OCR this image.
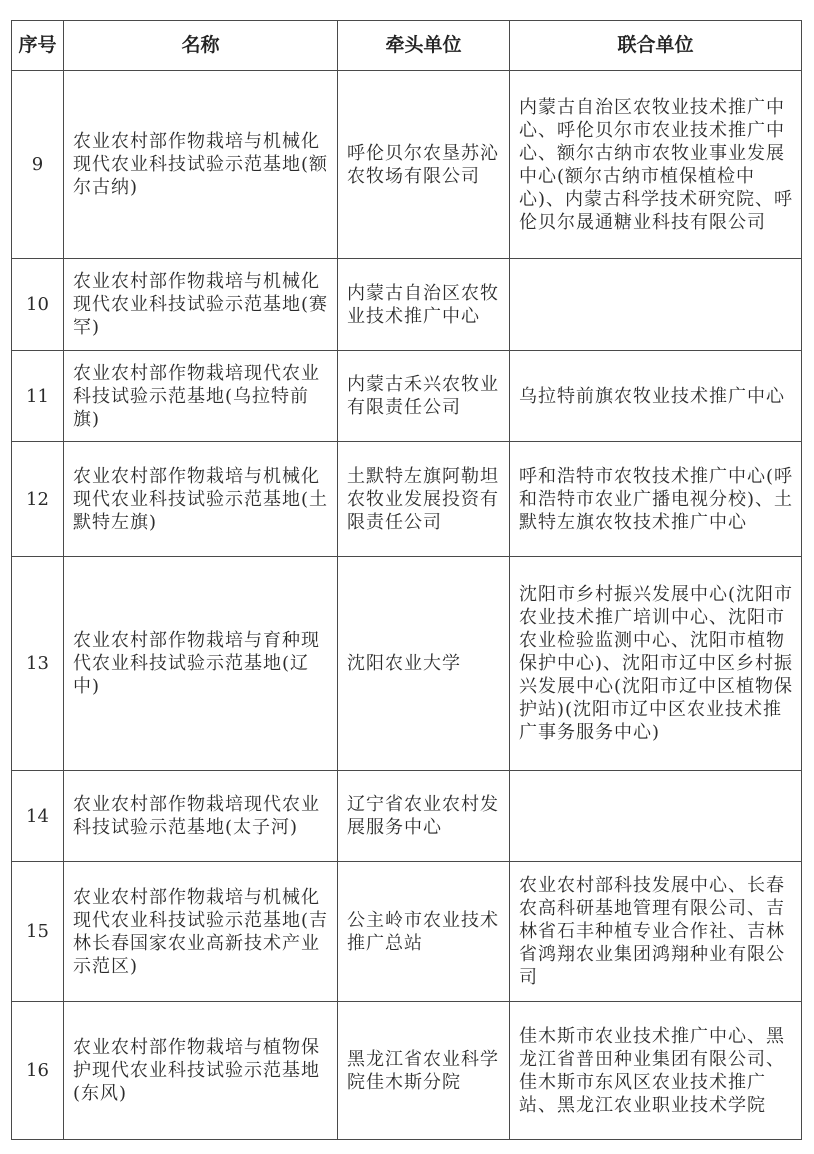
序号	名称	牵头单位	联合单位
9	农业农村部作物栽培与机械化现代农业科技试验示范基地(额尔古纳)	呼伦贝尔农垦苏沁农牧场有限公司	内蒙古自治区农牧业技术推广中心、呼伦贝尔市农业技术推广中心、额尔古纳市农牧业事业发展中心(额尔古纳市植保植检中心)、内蒙古科学技术研究院、呼伦贝尔晟通糖业科技有限公司
10	农业农村部作物栽培与机械化现代农业科技试验示范基地(赛罕)	内蒙古自治区农牧业技术推广中心	
11	农业农村部作物栽培现代农业科技试验示范基地(乌拉特前旗)	内蒙古禾兴农牧业有限责任公司	乌拉特前旗农牧业技术推广中心
12	农业农村部作物栽培与机械化现代农业科技试验示范基地(土默特左旗)	土默特左旗阿勒坦农牧业发展投资有限责任公司	呼和浩特市农牧技术推广中心(呼和浩特市农业广播电视分校)、土默特左旗农牧技术推广中心
13	农业农村部作物栽培与育种现代农业科技试验示范基地(辽中)	沈阳农业大学	沈阳市乡村振兴发展中心(沈阳市农业技术推广培训中心、沈阳市农业检验监测中心、沈阳市植物保护中心)、沈阳市辽中区乡村振兴发展中心(沈阳市辽中区植物保护站)(沈阳市辽中区农业技术推广事务服务中心)
14	农业农村部作物栽培现代农业科技试验示范基地(太子河)	辽宁省农业农村发展服务中心	
15	农业农村部作物栽培与机械化现代农业科技试验示范基地(吉林长春国家农业高新技术产业示范区)	公主岭市农业技术推广总站	农业农村部科技发展中心、长春农高科研基地管理有限公司、吉林省石丰种植专业合作社、吉林省鸿翔农业集团鸿翔种业有限公司
16	农业农村部作物栽培与植物保护现代农业科技试验示范基地(东风)	黑龙江省农业科学院佳木斯分院	佳木斯市农业技术推广中心、黑龙江省普田种业集团有限公司、佳木斯市东风区农业技术推广站、黑龙江农业职业技术学院
